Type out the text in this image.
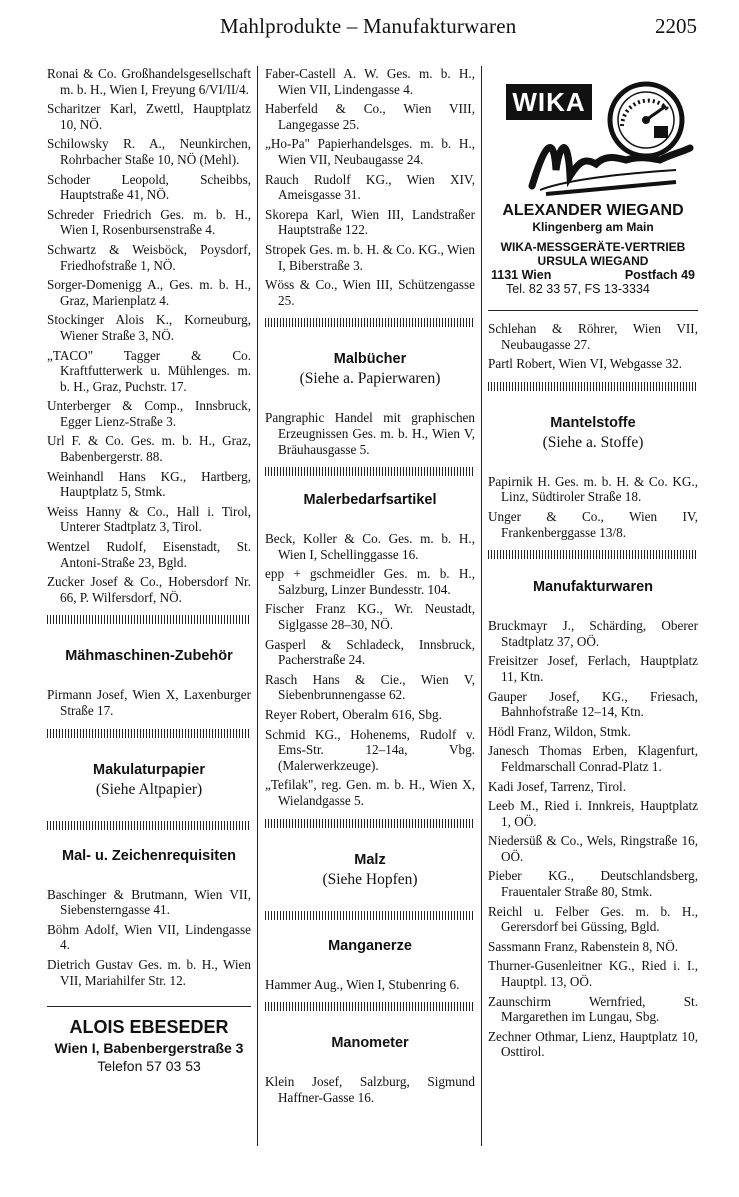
Mahlprodukte – Manufakturwaren	2205
Ronai & Co. Großhandelsgesellschaft m. b. H., Wien I, Freyung 6/VI/II/4.
Scharitzer Karl, Zwettl, Hauptplatz 10, NÖ.
Schilowsky R. A., Neunkirchen, Rohrbacher Staße 10, NÖ (Mehl).
Schoder Leopold, Scheibbs, Hauptstraße 41, NÖ.
Schreder Friedrich Ges. m. b. H., Wien I, Rosenbursenstraße 4.
Schwartz & Weisböck, Poysdorf, Friedhofstraße 1, NÖ.
Sorger-Domenigg A., Ges. m. b. H., Graz, Marienplatz 4.
Stockinger Alois K., Korneuburg, Wiener Straße 3, NÖ.
„TACO" Tagger & Co. Kraftfutterwerk u. Mühlenges. m. b. H., Graz, Puchstr. 17.
Unterberger & Comp., Innsbruck, Egger Lienz-Straße 3.
Url F. & Co. Ges. m. b. H., Graz, Babenbergerstr. 88.
Weinhandl Hans KG., Hartberg, Hauptplatz 5, Stmk.
Weiss Hanny & Co., Hall i. Tirol, Unterer Stadtplatz 3, Tirol.
Wentzel Rudolf, Eisenstadt, St. Antoni-Straße 23, Bgld.
Zucker Josef & Co., Hobersdorf Nr. 66, P. Wilfersdorf, NÖ.
Mähmaschinen-Zubehör
Pirmann Josef, Wien X, Laxenburger Straße 17.
Makulaturpapier
(Siehe Altpapier)
Mal- u. Zeichenrequisiten
Baschinger & Brutmann, Wien VII, Siebensterngasse 41.
Böhm Adolf, Wien VII, Lindengasse 4.
Dietrich Gustav Ges. m. b. H., Wien VII, Mariahilfer Str. 12.
ALOIS EBESEDER
Wien I, Babenbergerstraße 3
Telefon 57 03 53
Faber-Castell A. W. Ges. m. b. H., Wien VII, Lindengasse 4.
Haberfeld & Co., Wien VIII, Langegasse 25.
„Ho-Pa" Papierhandelsges. m. b. H., Wien VII, Neubaugasse 24.
Rauch Rudolf KG., Wien XIV, Ameisgasse 31.
Skorepa Karl, Wien III, Landstraßer Hauptstraße 122.
Stropek Ges. m. b. H. & Co. KG., Wien I, Biberstraße 3.
Wöss & Co., Wien III, Schützengasse 25.
Malbücher
(Siehe a. Papierwaren)
Pangraphic Handel mit graphischen Erzeugnissen Ges. m. b. H., Wien V, Bräuhausgasse 5.
Malerbedarfsartikel
Beck, Koller & Co. Ges. m. b. H., Wien I, Schellinggasse 16.
epp + gschmeidler Ges. m. b. H., Salzburg, Linzer Bundesstr. 104.
Fischer Franz KG., Wr. Neustadt, Siglgasse 28–30, NÖ.
Gasperl & Schladeck, Innsbruck, Pacherstraße 24.
Rasch Hans & Cie., Wien V, Siebenbrunnengasse 62.
Reyer Robert, Oberalm 616, Sbg.
Schmid KG., Hohenems, Rudolf v. Ems-Str. 12–14a, Vbg. (Malerwerkzeuge).
„Tefilak", reg. Gen. m. b. H., Wien X, Wielandgasse 5.
Malz
(Siehe Hopfen)
Manganerze
Hammer Aug., Wien I, Stubenring 6.
Manometer
Klein Josef, Salzburg, Sigmund Haffner-Gasse 16.
WIKA
ALEXANDER WIEGAND
Klingenberg am Main
WIKA-MESSGERÄTE-VERTRIEB
URSULA WIEGAND
1131 Wien	Postfach 49
Tel. 82 33 57, FS 13-3334
Schlehan & Röhrer, Wien VII, Neubaugasse 27.
Partl Robert, Wien VI, Webgasse 32.
Mantelstoffe
(Siehe a. Stoffe)
Papirnik H. Ges. m. b. H. & Co. KG., Linz, Südtiroler Straße 18.
Unger & Co., Wien IV, Frankenberggasse 13/8.
Manufakturwaren
Bruckmayr J., Schärding, Oberer Stadtplatz 37, OÖ.
Freisitzer Josef, Ferlach, Hauptplatz 11, Ktn.
Gauper Josef, KG., Friesach, Bahnhofstraße 12–14, Ktn.
Hödl Franz, Wildon, Stmk.
Janesch Thomas Erben, Klagenfurt, Feldmarschall Conrad-Platz 1.
Kadi Josef, Tarrenz, Tirol.
Leeb M., Ried i. Innkreis, Hauptplatz 1, OÖ.
Niedersüß & Co., Wels, Ringstraße 16, OÖ.
Pieber KG., Deutschlandsberg, Frauentaler Straße 80, Stmk.
Reichl u. Felber Ges. m. b. H., Gerersdorf bei Güssing, Bgld.
Sassmann Franz, Rabenstein 8, NÖ.
Thurner-Gusenleitner KG., Ried i. I., Hauptpl. 13, OÖ.
Zaunschirm Wernfried, St. Margarethen im Lungau, Sbg.
Zechner Othmar, Lienz, Hauptplatz 10, Osttirol.
